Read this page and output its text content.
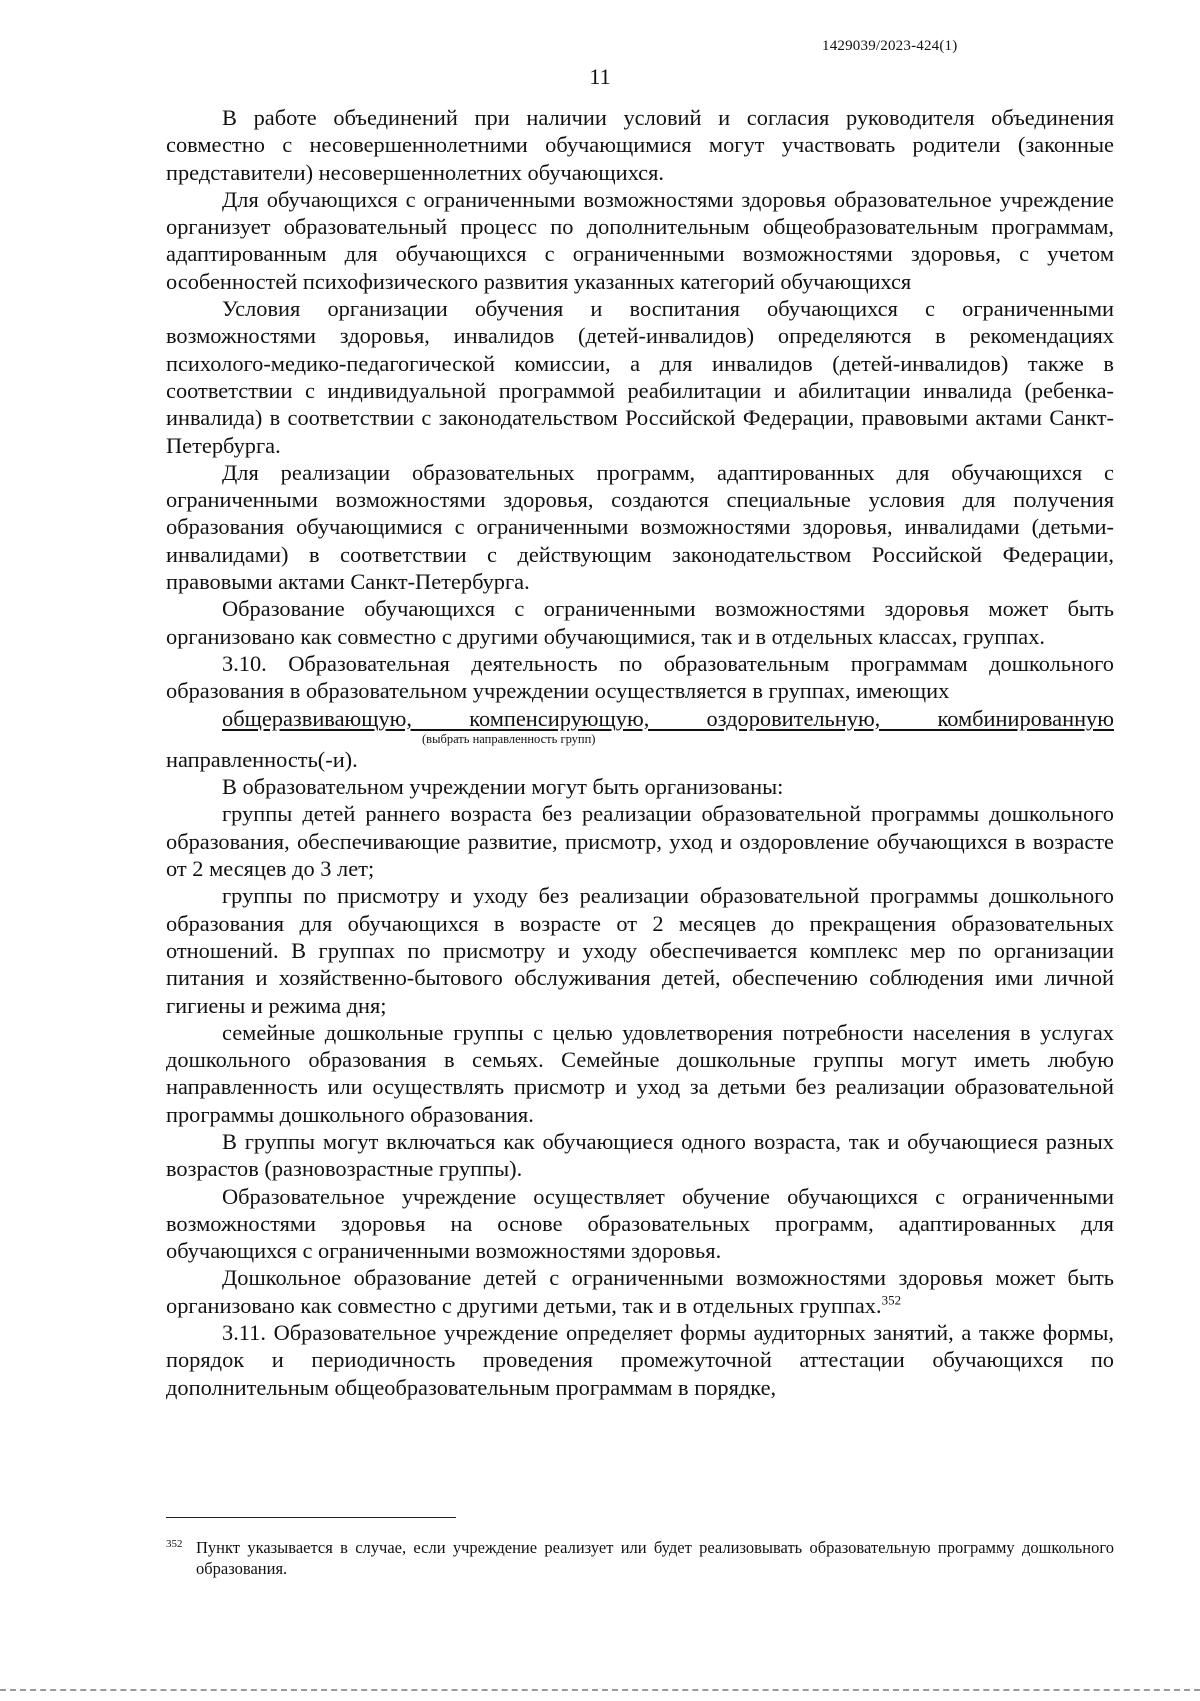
1429039/2023-424(1)
11

В работе объединений при наличии условий и согласия руководителя объединения совместно с несовершеннолетними обучающимися могут участвовать родители (законные представители) несовершеннолетних обучающихся.

Для обучающихся с ограниченными возможностями здоровья образовательное учреждение организует образовательный процесс по дополнительным общеобразовательным программам, адаптированным для обучающихся с ограниченными возможностями здоровья, с учетом особенностей психофизического развития указанных категорий обучающихся

Условия организации обучения и воспитания обучающихся с ограниченными возможностями здоровья, инвалидов (детей-инвалидов) определяются в рекомендациях психолого-медико-педагогической комиссии, а для инвалидов (детей-инвалидов) также в соответствии с индивидуальной программой реабилитации и абилитации инвалида (ребенка-инвалида) в соответствии с законодательством Российской Федерации, правовыми актами Санкт-Петербурга.

Для реализации образовательных программ, адаптированных для обучающихся с ограниченными возможностями здоровья, создаются специальные условия для получения образования обучающимися с ограниченными возможностями здоровья, инвалидами (детьми-инвалидами) в соответствии с действующим законодательством Российской Федерации, правовыми актами Санкт-Петербурга.

Образование обучающихся с ограниченными возможностями здоровья может быть организовано как совместно с другими обучающимися, так и в отдельных классах, группах.

3.10. Образовательная деятельность по образовательным программам дошкольного образования в образовательном учреждении осуществляется в группах, имеющих

общеразвивающую, компенсирующую, оздоровительную, комбинированную

(выбрать направленность групп)

направленность(-и).

В образовательном учреждении могут быть организованы:

группы детей раннего возраста без реализации образовательной программы дошкольного образования, обеспечивающие развитие, присмотр, уход и оздоровление обучающихся в возрасте от 2 месяцев до 3 лет;

группы по присмотру и уходу без реализации образовательной программы дошкольного образования для обучающихся в возрасте от 2 месяцев до прекращения образовательных отношений. В группах по присмотру и уходу обеспечивается комплекс мер по организации питания и хозяйственно-бытового обслуживания детей, обеспечению соблюдения ими личной гигиены и режима дня;

семейные дошкольные группы с целью удовлетворения потребности населения в услугах дошкольного образования в семьях. Семейные дошкольные группы могут иметь любую направленность или осуществлять присмотр и уход за детьми без реализации образовательной программы дошкольного образования.

В группы могут включаться как обучающиеся одного возраста, так и обучающиеся разных возрастов (разновозрастные группы).

Образовательное учреждение осуществляет обучение обучающихся с ограниченными возможностями здоровья на основе образовательных программ, адаптированных для обучающихся с ограниченными возможностями здоровья.

Дошкольное образование детей с ограниченными возможностями здоровья может быть организовано как совместно с другими детьми, так и в отдельных группах.$^{352}$

3.11. Образовательное учреждение определяет формы аудиторных занятий, а также формы, порядок и периодичность проведения промежуточной аттестации обучающихся по дополнительным общеобразовательным программам в порядке,

352 Пункт указывается в случае, если учреждение реализует или будет реализовывать образовательную программу дошкольного образования.
